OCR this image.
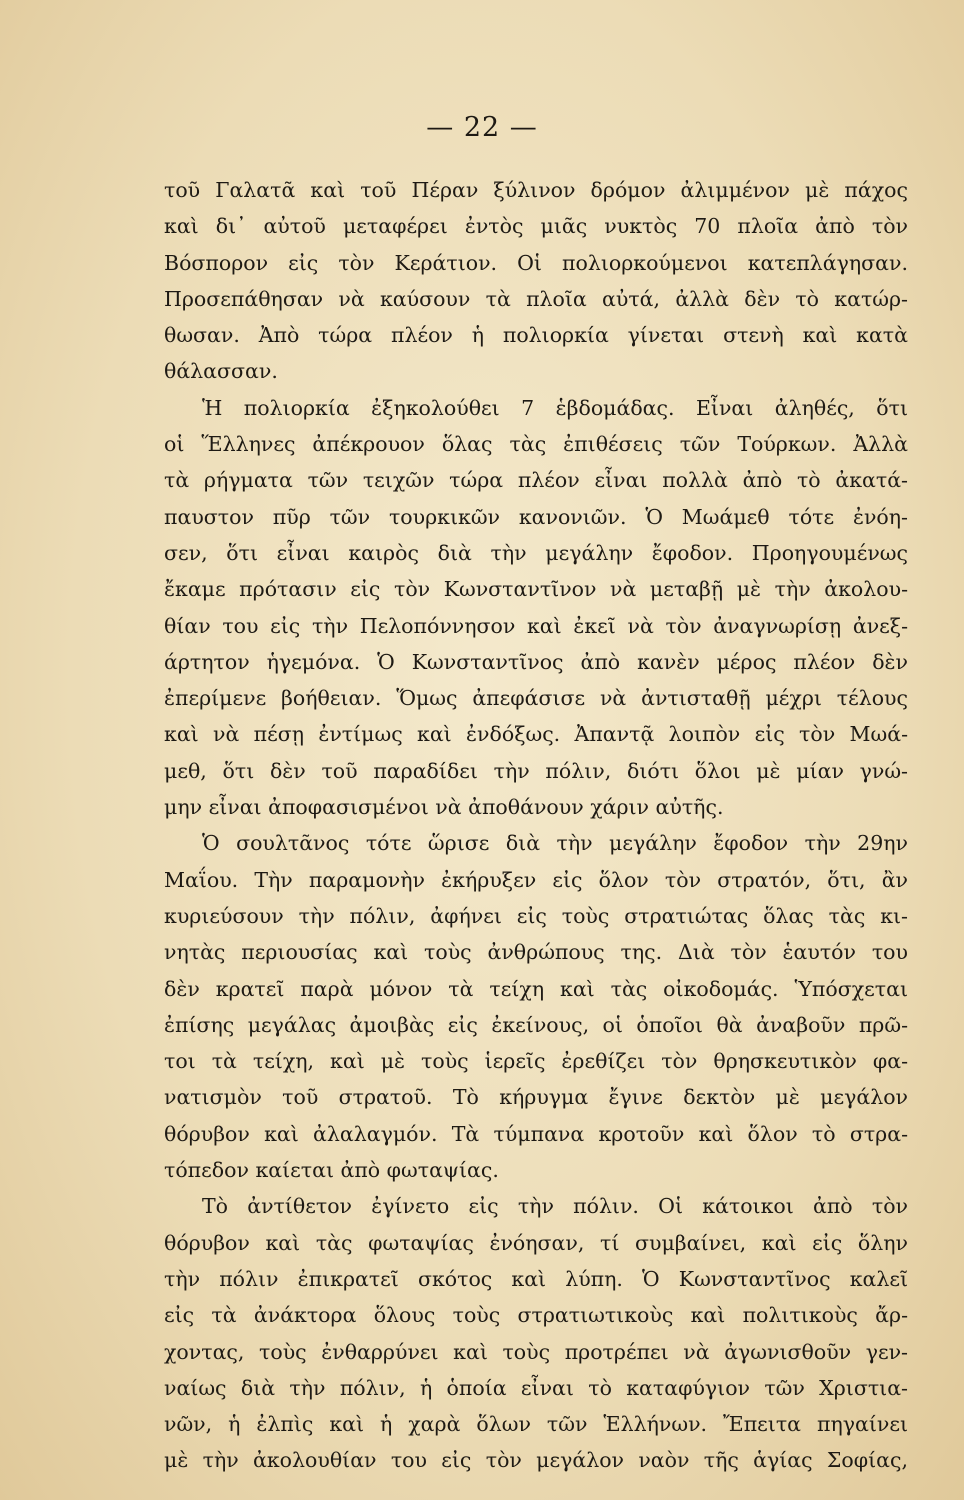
— 22 —
τοῦ Γαλατᾶ καὶ τοῦ Πέραν ξύλινον δρόμον ἀλιμμένον μὲ πάχος
καὶ δι᾽ αὐτοῦ μεταφέρει ἐντὸς μιᾶς νυκτὸς 70 πλοῖα ἀπὸ τὸν
Βόσπορον εἰς τὸν Κεράτιον. Οἱ πολιορκούμενοι κατεπλάγησαν.
Προσεπάθησαν νὰ καύσουν τὰ πλοῖα αὐτά, ἀλλὰ δὲν τὸ κατώρ-
θωσαν. Ἀπὸ τώρα πλέον ἡ πολιορκία γίνεται στενὴ καὶ κατὰ
θάλασσαν.
Ἡ πολιορκία ἐξηκολούθει 7 ἑβδομάδας. Εἶναι ἀληθές, ὅτι
οἱ Ἕλληνες ἀπέκρουον ὅλας τὰς ἐπιθέσεις τῶν Τούρκων. Ἀλλὰ
τὰ ρήγματα τῶν τειχῶν τώρα πλέον εἶναι πολλὰ ἀπὸ τὸ ἀκατά-
παυστον πῦρ τῶν τουρκικῶν κανονιῶν. Ὁ Μωάμεθ τότε ἐνόη-
σεν, ὅτι εἶναι καιρὸς διὰ τὴν μεγάλην ἔφοδον. Προηγουμένως
ἔκαμε πρότασιν εἰς τὸν Κωνσταντῖνον νὰ μεταβῇ μὲ τὴν ἀκολου-
θίαν του εἰς τὴν Πελοπόννησον καὶ ἐκεῖ νὰ τὸν ἀναγνωρίσῃ ἀνεξ-
άρτητον ἡγεμόνα. Ὁ Κωνσταντῖνος ἀπὸ κανὲν μέρος πλέον δὲν
ἐπερίμενε βοήθειαν. Ὅμως ἀπεφάσισε νὰ ἀντισταθῇ μέχρι τέλους
καὶ νὰ πέσῃ ἐντίμως καὶ ἐνδόξως. Ἀπαντᾷ λοιπὸν εἰς τὸν Μωά-
μεθ, ὅτι δὲν τοῦ παραδίδει τὴν πόλιν, διότι ὅλοι μὲ μίαν γνώ-
μην εἶναι ἀποφασισμένοι νὰ ἀποθάνουν χάριν αὐτῆς.
Ὁ σουλτᾶνος τότε ὥρισε διὰ τὴν μεγάλην ἔφοδον τὴν 29ην
Μαΐου. Τὴν παραμονὴν ἐκήρυξεν εἰς ὅλον τὸν στρατόν, ὅτι, ἂν
κυριεύσουν τὴν πόλιν, ἀφήνει εἰς τοὺς στρατιώτας ὅλας τὰς κι-
νητὰς περιουσίας καὶ τοὺς ἀνθρώπους της. Διὰ τὸν ἑαυτόν του
δὲν κρατεῖ παρὰ μόνον τὰ τείχη καὶ τὰς οἰκοδομάς. Ὑπόσχεται
ἐπίσης μεγάλας ἀμοιβὰς εἰς ἐκείνους, οἱ ὁποῖοι θὰ ἀναβοῦν πρῶ-
τοι τὰ τείχη, καὶ μὲ τοὺς ἱερεῖς ἐρεθίζει τὸν θρησκευτικὸν φα-
νατισμὸν τοῦ στρατοῦ. Τὸ κήρυγμα ἔγινε δεκτὸν μὲ μεγάλον
θόρυβον καὶ ἀλαλαγμόν. Τὰ τύμπανα κροτοῦν καὶ ὅλον τὸ στρα-
τόπεδον καίεται ἀπὸ φωταψίας.
Τὸ ἀντίθετον ἐγίνετο εἰς τὴν πόλιν. Οἱ κάτοικοι ἀπὸ τὸν
θόρυβον καὶ τὰς φωταψίας ἐνόησαν, τί συμβαίνει, καὶ εἰς ὅλην
τὴν πόλιν ἐπικρατεῖ σκότος καὶ λύπη. Ὁ Κωνσταντῖνος καλεῖ
εἰς τὰ ἀνάκτορα ὅλους τοὺς στρατιωτικοὺς καὶ πολιτικοὺς ἄρ-
χοντας, τοὺς ἐνθαρρύνει καὶ τοὺς προτρέπει νὰ ἀγωνισθοῦν γεν-
ναίως διὰ τὴν πόλιν, ἡ ὁποία εἶναι τὸ καταφύγιον τῶν Χριστια-
νῶν, ἡ ἐλπὶς καὶ ἡ χαρὰ ὅλων τῶν Ἑλλήνων. Ἔπειτα πηγαίνει
μὲ τὴν ἀκολουθίαν του εἰς τὸν μεγάλον ναὸν τῆς ἁγίας Σοφίας,
